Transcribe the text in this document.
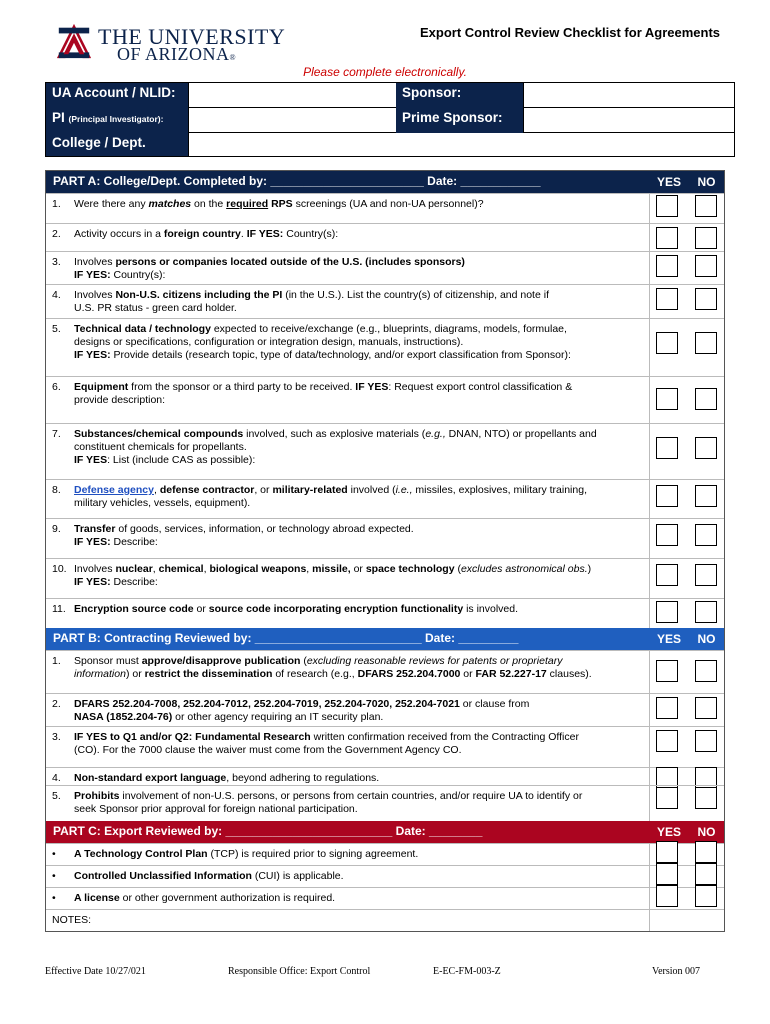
THE UNIVERSITY
OF ARIZONA®
Export Control Review Checklist for Agreements
Please complete electronically.
UA Account / NLID:	Sponsor:
PI (Principal Investigator):	Prime Sponsor:
College / Dept.
PART A: College/Dept. Completed by: _______________________ Date: ____________	YES	NO
1. Were there any matches on the required RPS screenings (UA and non-UA personnel)?
2. Activity occurs in a foreign country. IF YES: Country(s):
3. Involves persons or companies located outside of the U.S. (includes sponsors)
IF YES: Country(s):
4. Involves Non-U.S. citizens including the PI (in the U.S.). List the country(s) of citizenship, and note if
U.S. PR status - green card holder.
5. Technical data / technology expected to receive/exchange (e.g., blueprints, diagrams, models, formulae,
designs or specifications, configuration or integration design, manuals, instructions).
IF YES: Provide details (research topic, type of data/technology, and/or export classification from Sponsor):
6. Equipment from the sponsor or a third party to be received. IF YES: Request export control classification &
provide description:
7. Substances/chemical compounds involved, such as explosive materials (e.g., DNAN, NTO) or propellants and
constituent chemicals for propellants.
IF YES: List (include CAS as possible):
8. Defense agency, defense contractor, or military-related involved (i.e., missiles, explosives, military training,
military vehicles, vessels, equipment).
9. Transfer of goods, services, information, or technology abroad expected.
IF YES: Describe:
10. Involves nuclear, chemical, biological weapons, missile, or space technology (excludes astronomical obs.)
IF YES: Describe:
11. Encryption source code or source code incorporating encryption functionality is involved.
PART B: Contracting Reviewed by: _________________________ Date: _________	YES	NO
1. Sponsor must approve/disapprove publication (excluding reasonable reviews for patents or proprietary
information) or restrict the dissemination of research (e.g., DFARS 252.204.7000 or FAR 52.227-17 clauses).
2. DFARS 252.204-7008, 252.204-7012, 252.204-7019, 252.204-7020, 252.204-7021 or clause from
NASA (1852.204-76) or other agency requiring an IT security plan.
3. IF YES to Q1 and/or Q2: Fundamental Research written confirmation received from the Contracting Officer
(CO). For the 7000 clause the waiver must come from the Government Agency CO.
4. Non-standard export language, beyond adhering to regulations.
5. Prohibits involvement of non-U.S. persons, or persons from certain countries, and/or require UA to identify or
seek Sponsor prior approval for foreign national participation.
PART C: Export Reviewed by: _________________________ Date: ________	YES	NO
• A Technology Control Plan (TCP) is required prior to signing agreement.
• Controlled Unclassified Information (CUI) is applicable.
• A license or other government authorization is required.
NOTES:
Effective Date 10/27/021	Responsible Office: Export Control	E-EC-FM-003-Z	Version 007
